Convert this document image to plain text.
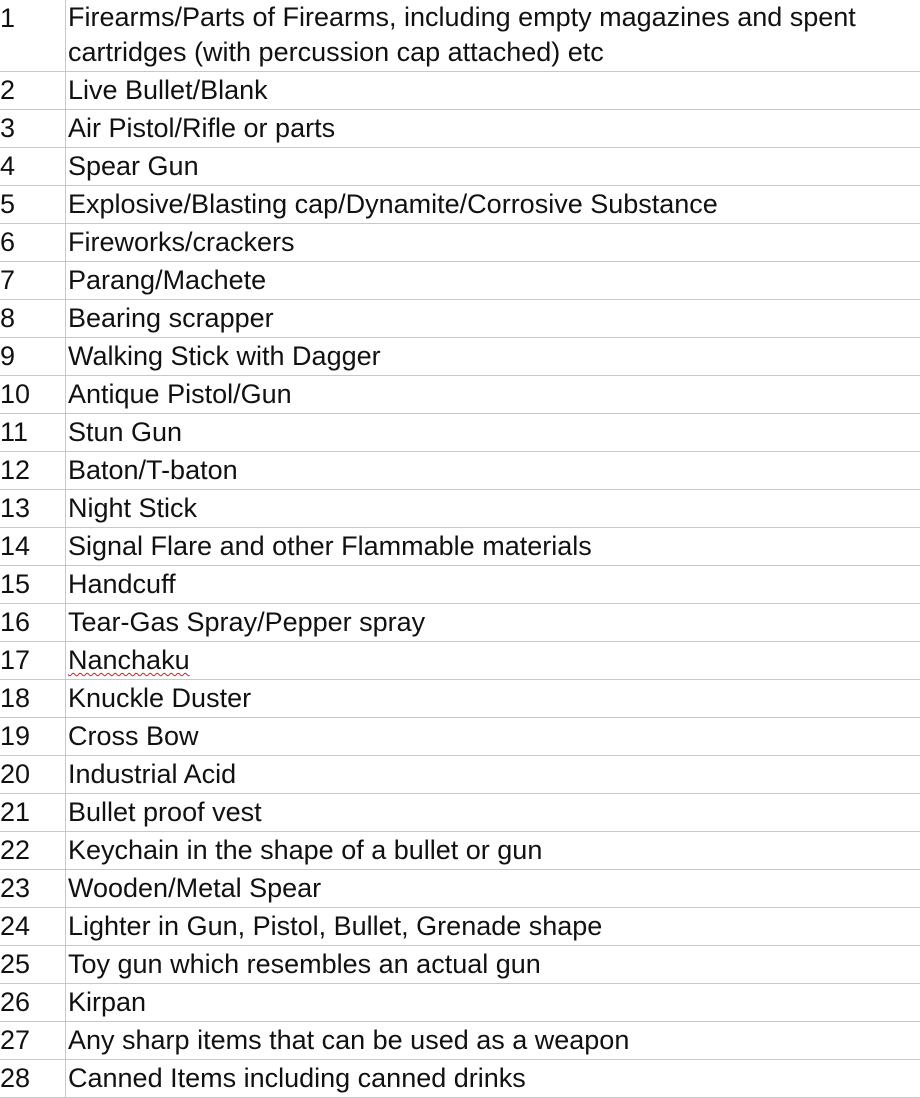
1	Firearms/Parts of Firearms, including empty magazines and spent cartridges (with percussion cap attached) etc
2	Live Bullet/Blank
3	Air Pistol/Rifle or parts
4	Spear Gun
5	Explosive/Blasting cap/Dynamite/Corrosive Substance
6	Fireworks/crackers
7	Parang/Machete
8	Bearing scrapper
9	Walking Stick with Dagger
10	Antique Pistol/Gun
11	Stun Gun
12	Baton/T-baton
13	Night Stick
14	Signal Flare and other Flammable materials
15	Handcuff
16	Tear-Gas Spray/Pepper spray
17	Nanchaku
18	Knuckle Duster
19	Cross Bow
20	Industrial Acid
21	Bullet proof vest
22	Keychain in the shape of a bullet or gun
23	Wooden/Metal Spear
24	Lighter in Gun, Pistol, Bullet, Grenade shape
25	Toy gun which resembles an actual gun
26	Kirpan
27	Any sharp items that can be used as a weapon
28	Canned Items including canned drinks
